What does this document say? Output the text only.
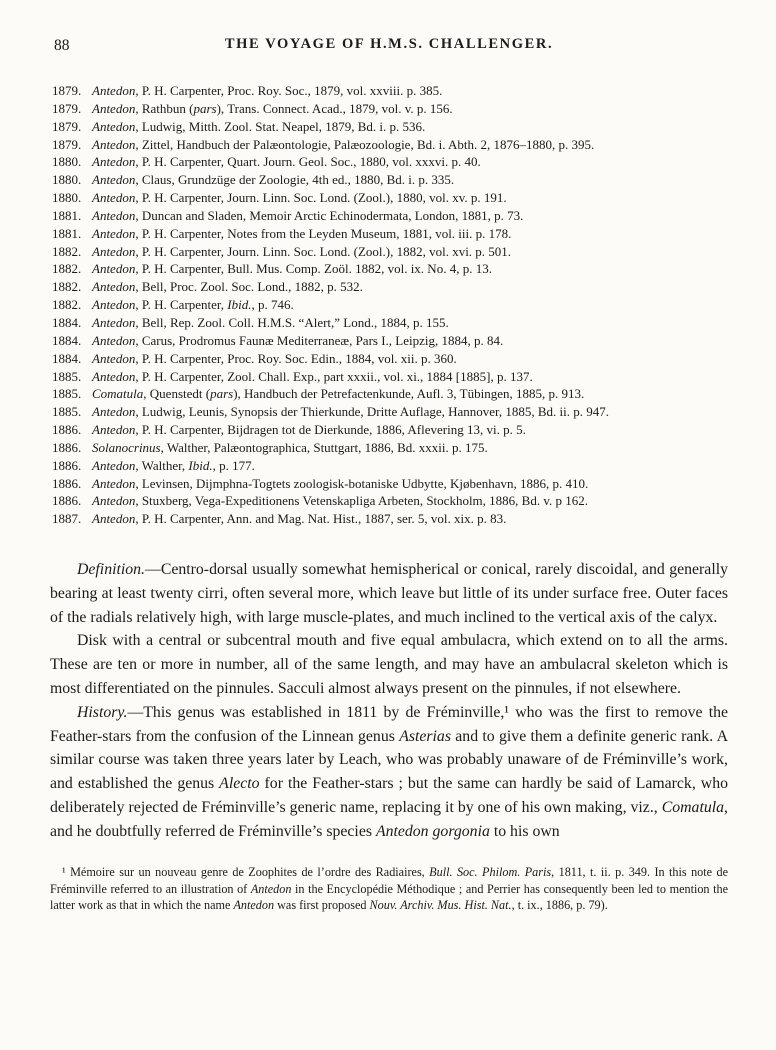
88	THE VOYAGE OF H.M.S. CHALLENGER.
1879. Antedon, P. H. Carpenter, Proc. Roy. Soc., 1879, vol. xxviii. p. 385.
1879. Antedon, Rathbun (pars), Trans. Connect. Acad., 1879, vol. v. p. 156.
1879. Antedon, Ludwig, Mitth. Zool. Stat. Neapel, 1879, Bd. i. p. 536.
1879. Antedon, Zittel, Handbuch der Palæontologie, Palæozoologie, Bd. i. Abth. 2, 1876–1880, p. 395.
1880. Antedon, P. H. Carpenter, Quart. Journ. Geol. Soc., 1880, vol. xxxvi. p. 40.
1880. Antedon, Claus, Grundzüge der Zoologie, 4th ed., 1880, Bd. i. p. 335.
1880. Antedon, P. H. Carpenter, Journ. Linn. Soc. Lond. (Zool.), 1880, vol. xv. p. 191.
1881. Antedon, Duncan and Sladen, Memoir Arctic Echinodermata, London, 1881, p. 73.
1881. Antedon, P. H. Carpenter, Notes from the Leyden Museum, 1881, vol. iii. p. 178.
1882. Antedon, P. H. Carpenter, Journ. Linn. Soc. Lond. (Zool.), 1882, vol. xvi. p. 501.
1882. Antedon, P. H. Carpenter, Bull. Mus. Comp. Zoöl. 1882, vol. ix. No. 4, p. 13.
1882. Antedon, Bell, Proc. Zool. Soc. Lond., 1882, p. 532.
1882. Antedon, P. H. Carpenter, Ibid., p. 746.
1884. Antedon, Bell, Rep. Zool. Coll. H.M.S. “Alert,” Lond., 1884, p. 155.
1884. Antedon, Carus, Prodromus Faunæ Mediterraneæ, Pars I., Leipzig, 1884, p. 84.
1884. Antedon, P. H. Carpenter, Proc. Roy. Soc. Edin., 1884, vol. xii. p. 360.
1885. Antedon, P. H. Carpenter, Zool. Chall. Exp., part xxxii., vol. xi., 1884 [1885], p. 137.
1885. Comatula, Quenstedt (pars), Handbuch der Petrefactenkunde, Aufl. 3, Tübingen, 1885, p. 913.
1885. Antedon, Ludwig, Leunis, Synopsis der Thierkunde, Dritte Auflage, Hannover, 1885, Bd. ii. p. 947.
1886. Antedon, P. H. Carpenter, Bijdragen tot de Dierkunde, 1886, Aflevering 13, vi. p. 5.
1886. Solanocrinus, Walther, Palæontographica, Stuttgart, 1886, Bd. xxxii. p. 175.
1886. Antedon, Walther, Ibid., p. 177.
1886. Antedon, Levinsen, Dijmphna-Togtets zoologisk-botaniske Udbytte, Kjøbenhavn, 1886, p. 410.
1886. Antedon, Stuxberg, Vega-Expeditionens Vetenskapliga Arbeten, Stockholm, 1886, Bd. v. p 162.
1887. Antedon, P. H. Carpenter, Ann. and Mag. Nat. Hist., 1887, ser. 5, vol. xix. p. 83.

Definition.—Centro-dorsal usually somewhat hemispherical or conical, rarely discoidal, and generally bearing at least twenty cirri, often several more, which leave but little of its under surface free. Outer faces of the radials relatively high, with large muscle-plates, and much inclined to the vertical axis of the calyx.

Disk with a central or subcentral mouth and five equal ambulacra, which extend on to all the arms. These are ten or more in number, all of the same length, and may have an ambulacral skeleton which is most differentiated on the pinnules. Sacculi almost always present on the pinnules, if not elsewhere.

History.—This genus was established in 1811 by de Fréminville,¹ who was the first to remove the Feather-stars from the confusion of the Linnean genus Asterias and to give them a definite generic rank. A similar course was taken three years later by Leach, who was probably unaware of de Fréminville’s work, and established the genus Alecto for the Feather-stars ; but the same can hardly be said of Lamarck, who deliberately rejected de Fréminville’s generic name, replacing it by one of his own making, viz., Comatula, and he doubtfully referred de Fréminville’s species Antedon gorgonia to his own

¹ Mémoire sur un nouveau genre de Zoophites de l’ordre des Radiaires, Bull. Soc. Philom. Paris, 1811, t. ii. p. 349. In this note de Fréminville referred to an illustration of Antedon in the Encyclopédie Méthodique ; and Perrier has consequently been led to mention the latter work as that in which the name Antedon was first proposed Nouv. Archiv. Mus. Hist. Nat., t. ix., 1886, p. 79).
